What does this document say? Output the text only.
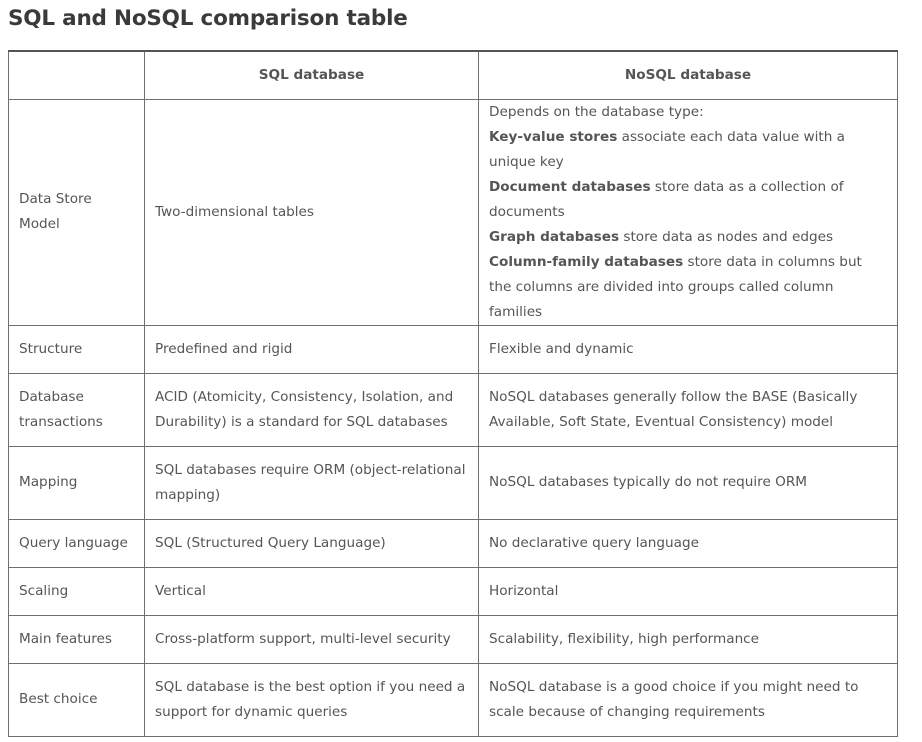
SQL and NoSQL comparison table
	SQL database	NoSQL database
Data Store Model	Two-dimensional tables	Depends on the database type:
Key-value stores associate each data value with a unique key
Document databases store data as a collection of documents
Graph databases store data as nodes and edges
Column-family databases store data in columns but the columns are divided into groups called column families

Structure	Predefined and rigid	Flexible and dynamic
Database transactions	ACID (Atomicity, Consistency, Isolation, and Durability) is a standard for SQL databases	NoSQL databases generally follow the BASE (Basically Available, Soft State, Eventual Consistency) model
Mapping	SQL databases require ORM (object-relational mapping)	NoSQL databases typically do not require ORM
Query language	SQL (Structured Query Language)	No declarative query language
Scaling	Vertical	Horizontal
Main features	Cross-platform support, multi-level security	Scalability, flexibility, high performance
Best choice	SQL database is the best option if you need a support for dynamic queries	NoSQL database is a good choice if you might need to scale because of changing requirements
